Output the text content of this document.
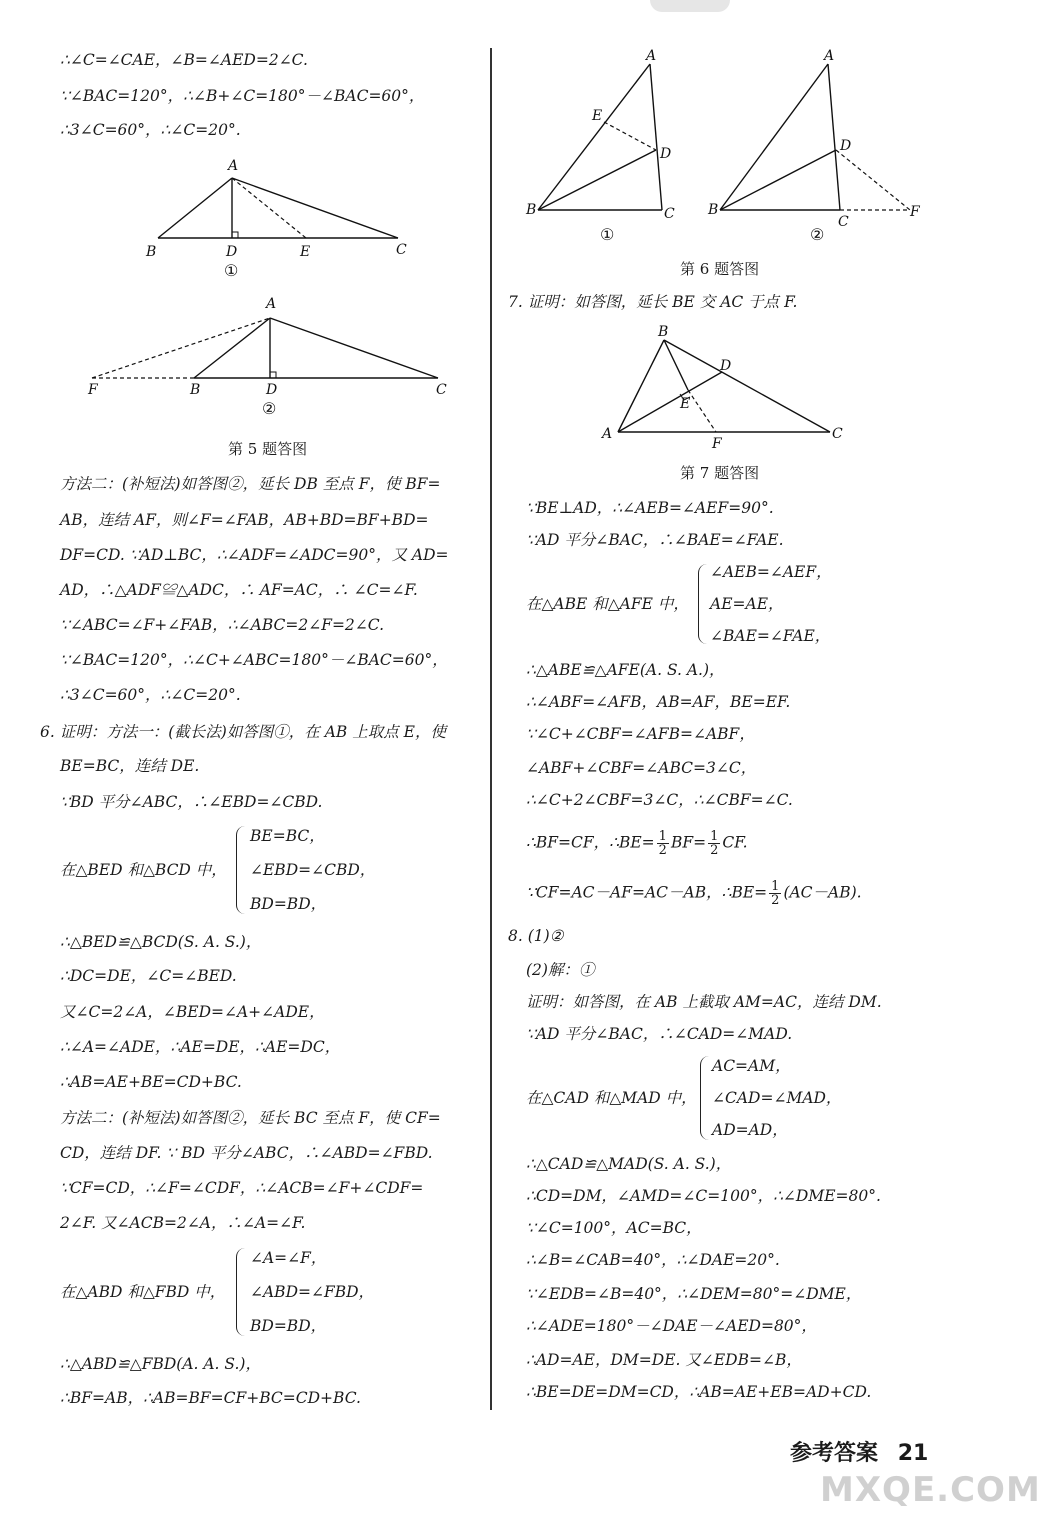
∴∠C=∠CAE，∠B=∠AED=2∠C.
∵∠BAC=120°，∴∠B+∠C=180°－∠BAC=60°，
∴3∠C=60°，∴∠C=20°.
A
B	D	E	C
①
A
F	B	D	C
②
第 5 题答图
方法二：(补短法)如答图②，延长 DB 至点 F，使 BF=
AB，连结 AF，则∠F=∠FAB，AB+BD=BF+BD=
DF=CD. ∵AD⊥BC，∴∠ADF=∠ADC=90°，又 AD=
AD，∴△ADF≌△ADC，∴ AF=AC，∴ ∠C=∠F.
∵∠ABC=∠F+∠FAB，∴∠ABC=2∠F=2∠C.
∵∠BAC=120°，∴∠C+∠ABC=180°－∠BAC=60°，
∴3∠C=60°，∴∠C=20°.
6. 证明：方法一：(截长法)如答图①，在 AB 上取点 E，使
BE=BC，连结 DE.
∵BD 平分∠ABC，∴∠EBD=∠CBD.
在△BED 和△BCD 中，
BE=BC，
∠EBD=∠CBD，
BD=BD，
∴△BED≌△BCD(S. A. S.)，
∴DC=DE，∠C=∠BED.
又∠C=2∠A，∠BED=∠A+∠ADE，
∴∠A=∠ADE，∴AE=DE，∴AE=DC，
∴AB=AE+BE=CD+BC.
方法二：(补短法)如答图②，延长 BC 至点 F，使 CF=
CD，连结 DF. ∵ BD 平分∠ABC，∴∠ABD=∠FBD.
∵CF=CD，∴∠F=∠CDF，∴∠ACB=∠F+∠CDF=
2∠F. 又∠ACB=2∠A，∴∠A=∠F.
在△ABD 和△FBD 中，
∠A=∠F，
∠ABD=∠FBD，
BD=BD，
∴△ABD≌△FBD(A. A. S.)，
∴BF=AB，∴AB=BF=CF+BC=CD+BC.
A
E
D
B	C
①
A
D
B
C
F
②
第 6 题答图
7. 证明：如答图，延长 BE 交 AC 于点 F.
B
D
E
A
F
C
第 7 题答图
∵BE⊥AD，∴∠AEB=∠AEF=90°.
∵AD 平分∠BAC，∴∠BAE=∠FAE.
在△ABE 和△AFE 中，
∠AEB=∠AEF，
AE=AE，
∠BAE=∠FAE，
∴△ABE≌△AFE(A. S. A.)，
∴∠ABF=∠AFB，AB=AF，BE=EF.
∵∠C+∠CBF=∠AFB=∠ABF，
∠ABF+∠CBF=∠ABC=3∠C，
∴∠C+2∠CBF=3∠C，∴∠CBF=∠C.
∴BF=CF，∴BE= $\frac{1}{2} BF= \frac{1}{2}$ CF.
∵CF=AC－AF=AC－AB，∴BE= $\frac{1}{2} (AC-AB)$.
8. (1)②
(2)解：①
证明：如答图，在 AB 上截取 AM=AC，连结 DM.
∵AD 平分∠BAC，∴∠CAD=∠MAD.
在△CAD 和△MAD 中，
AC=AM，
∠CAD=∠MAD，
AD=AD，
∴△CAD≌△MAD(S. A. S.)，
∴CD=DM，∠AMD=∠C=100°，∴∠DME=80°.
∵∠C=100°，AC=BC，
∴∠B=∠CAB=40°，∴∠DAE=20°.
∵∠EDB=∠B=40°，∴∠DEM=80°=∠DME，
∴∠ADE=180°－∠DAE－∠AED=80°，
∴AD=AE，DM=DE. 又∠EDB=∠B，
∴BE=DE=DM=CD，∴AB=AE+EB=AD+CD.
参考答案 21
MXQE.COM
